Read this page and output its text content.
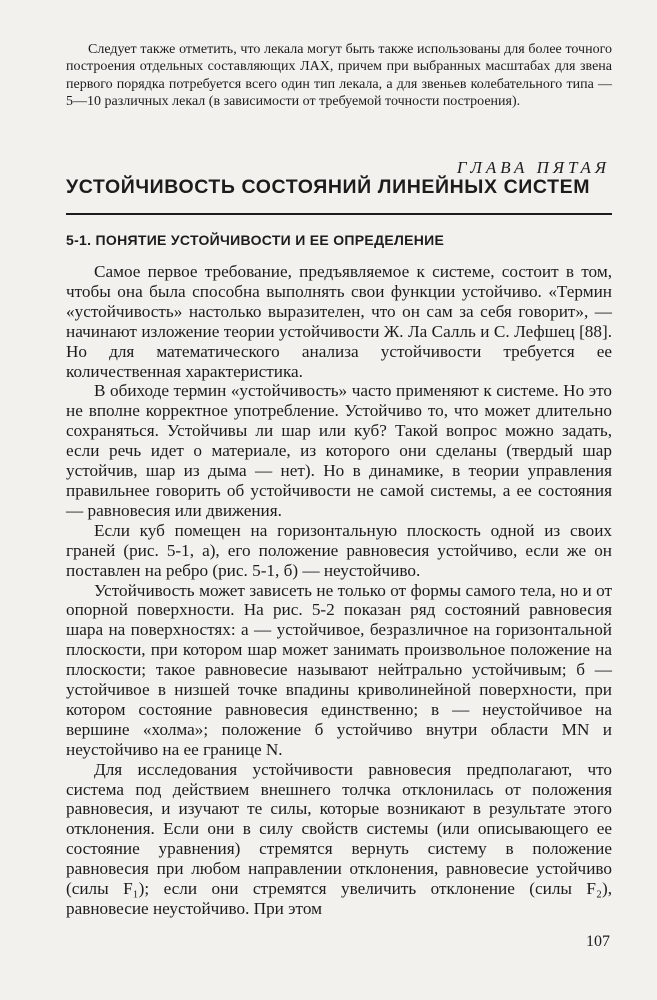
Следует также отметить, что лекала могут быть также использованы для более точного построения отдельных составляющих ЛАХ, причем при выбранных масштабах для звена первого порядка потребуется всего один тип лекала, а для звеньев колебательного типа — 5—10 различных лекал (в зависимости от требуемой точности построения).
ГЛАВА ПЯТАЯ
УСТОЙЧИВОСТЬ СОСТОЯНИЙ ЛИНЕЙНЫХ СИСТЕМ
5-1. ПОНЯТИЕ УСТОЙЧИВОСТИ И ЕЕ ОПРЕДЕЛЕНИЕ

Самое первое требование, предъявляемое к системе, состоит в том, чтобы она была способна выполнять свои функции устойчиво. «Термин «устойчивость» настолько выразителен, что он сам за себя говорит», — начинают изложение теории устойчивости Ж. Ла Салль и С. Лефшец [88]. Но для математического анализа устойчивости требуется ее количественная характеристика.

В обиходе термин «устойчивость» часто применяют к системе. Но это не вполне корректное употребление. Устойчиво то, что может длительно сохраняться. Устойчивы ли шар или куб? Такой вопрос можно задать, если речь идет о материале, из которого они сделаны (твердый шар устойчив, шар из дыма — нет). Но в динамике, в теории управления правильнее говорить об устойчивости не самой системы, а ее состояния — равновесия или движения.

Если куб помещен на горизонтальную плоскость одной из своих граней (рис. 5-1, а), его положение равновесия устойчиво, если же он поставлен на ребро (рис. 5-1, б) — неустойчиво.

Устойчивость может зависеть не только от формы самого тела, но и от опорной поверхности. На рис. 5-2 показан ряд состояний равновесия шара на поверхностях: а — устойчивое, безразличное на горизонтальной плоскости, при котором шар может занимать произвольное положение на плоскости; такое равновесие называют нейтрально устойчивым; б — устойчивое в низшей точке впадины криволинейной поверхности, при котором состояние равновесия единственно; в — неустойчивое на вершине «холма»; положение б устойчиво внутри области MN и неустойчиво на ее границе N.

Для исследования устойчивости равновесия предполагают, что система под действием внешнего толчка отклонилась от положения равновесия, и изучают те силы, которые возникают в результате этого отклонения. Если они в силу свойств системы (или описывающего ее состояние уравнения) стремятся вернуть систему в положение равновесия при любом направлении отклонения, равновесие устойчиво (силы F₁); если они стремятся увеличить отклонение (силы F₂), равновесие неустойчиво. При этом

107
